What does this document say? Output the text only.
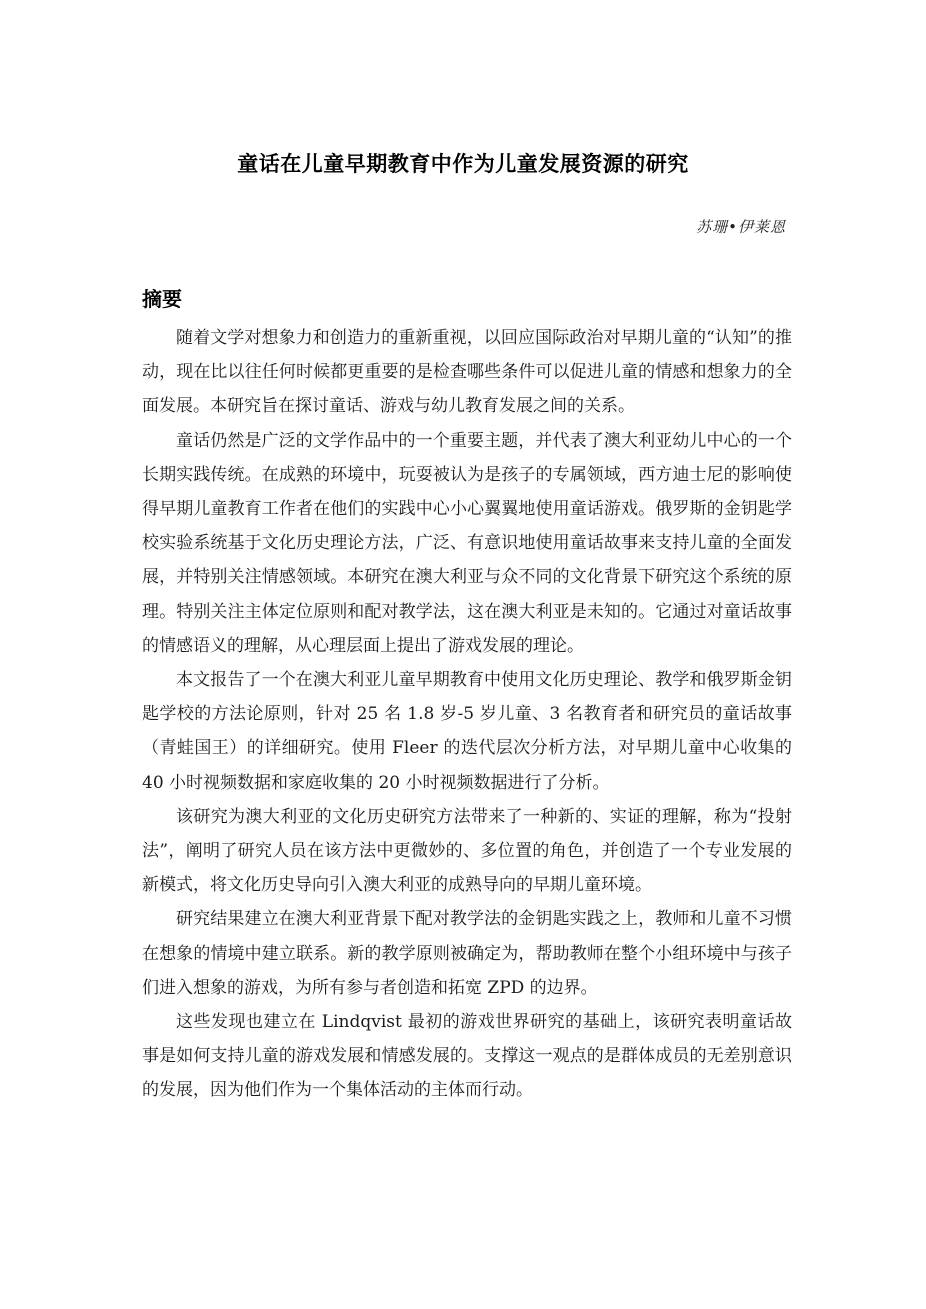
童话在儿童早期教育中作为儿童发展资源的研究
苏珊•伊莱恩
摘要

随着文学对想象力和创造力的重新重视，以回应国际政治对早期儿童的“认知”的推动，现在比以往任何时候都更重要的是检查哪些条件可以促进儿童的情感和想象力的全面发展。本研究旨在探讨童话、游戏与幼儿教育发展之间的关系。

童话仍然是广泛的文学作品中的一个重要主题，并代表了澳大利亚幼儿中心的一个长期实践传统。在成熟的环境中，玩耍被认为是孩子的专属领域，西方迪士尼的影响使得早期儿童教育工作者在他们的实践中心小心翼翼地使用童话游戏。俄罗斯的金钥匙学校实验系统基于文化历史理论方法，广泛、有意识地使用童话故事来支持儿童的全面发展，并特别关注情感领域。本研究在澳大利亚与众不同的文化背景下研究这个系统的原理。特别关注主体定位原则和配对教学法，这在澳大利亚是未知的。它通过对童话故事的情感语义的理解，从心理层面上提出了游戏发展的理论。

本文报告了一个在澳大利亚儿童早期教育中使用文化历史理论、教学和俄罗斯金钥匙学校的方法论原则，针对 25 名 1.8 岁-5 岁儿童、3 名教育者和研究员的童话故事（青蛙国王）的详细研究。使用 Fleer 的迭代层次分析方法，对早期儿童中心收集的 40 小时视频数据和家庭收集的 20 小时视频数据进行了分析。

该研究为澳大利亚的文化历史研究方法带来了一种新的、实证的理解，称为“投射法”，阐明了研究人员在该方法中更微妙的、多位置的角色，并创造了一个专业发展的新模式，将文化历史导向引入澳大利亚的成熟导向的早期儿童环境。

研究结果建立在澳大利亚背景下配对教学法的金钥匙实践之上，教师和儿童不习惯在想象的情境中建立联系。新的教学原则被确定为，帮助教师在整个小组环境中与孩子们进入想象的游戏，为所有参与者创造和拓宽 ZPD 的边界。

这些发现也建立在 Lindqvist 最初的游戏世界研究的基础上，该研究表明童话故事是如何支持儿童的游戏发展和情感发展的。支撑这一观点的是群体成员的无差别意识的发展，因为他们作为一个集体活动的主体而行动。
